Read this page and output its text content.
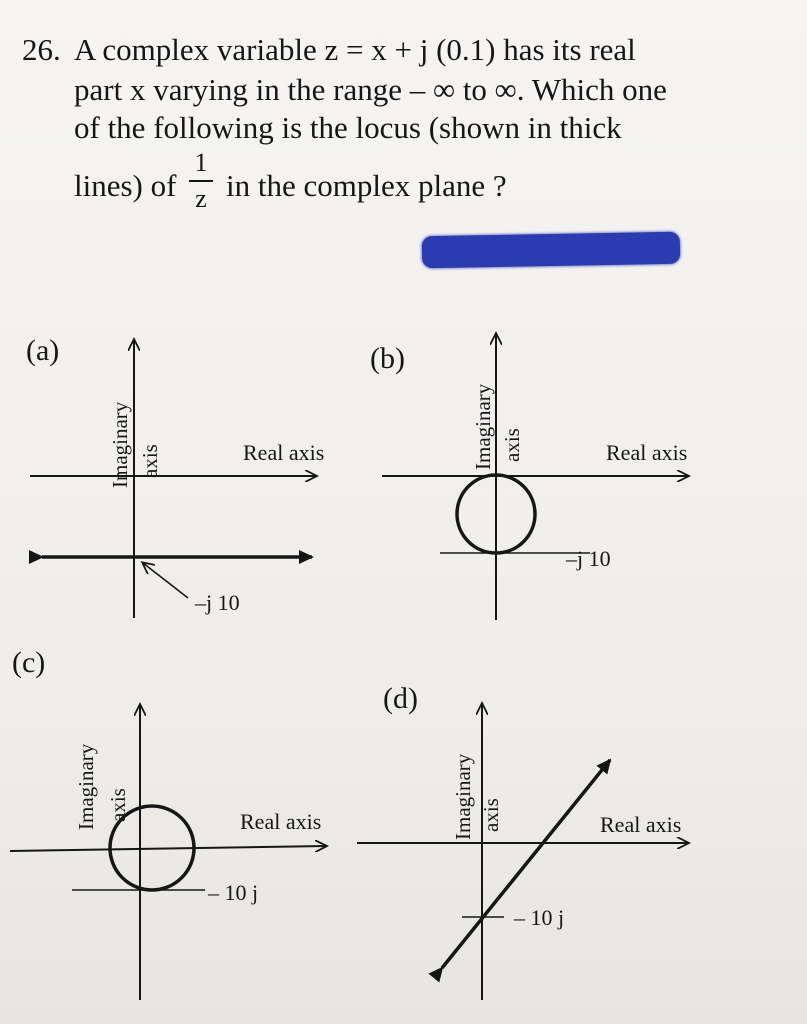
26. A complex variable z = x + j (0.1) has its real
part x varying in the range – ∞ to ∞. Which one
of the following is the locus (shown in thick
lines) of
1
z in the complex plane ?
(a)
Imaginary axis	Real axis
–j 10
(b)
Imaginary axis	Real axis
–j 10
(c)
Imaginary axis	Real axis
– 10 j
(d)
Imaginary axis	Real axis
– 10 j
